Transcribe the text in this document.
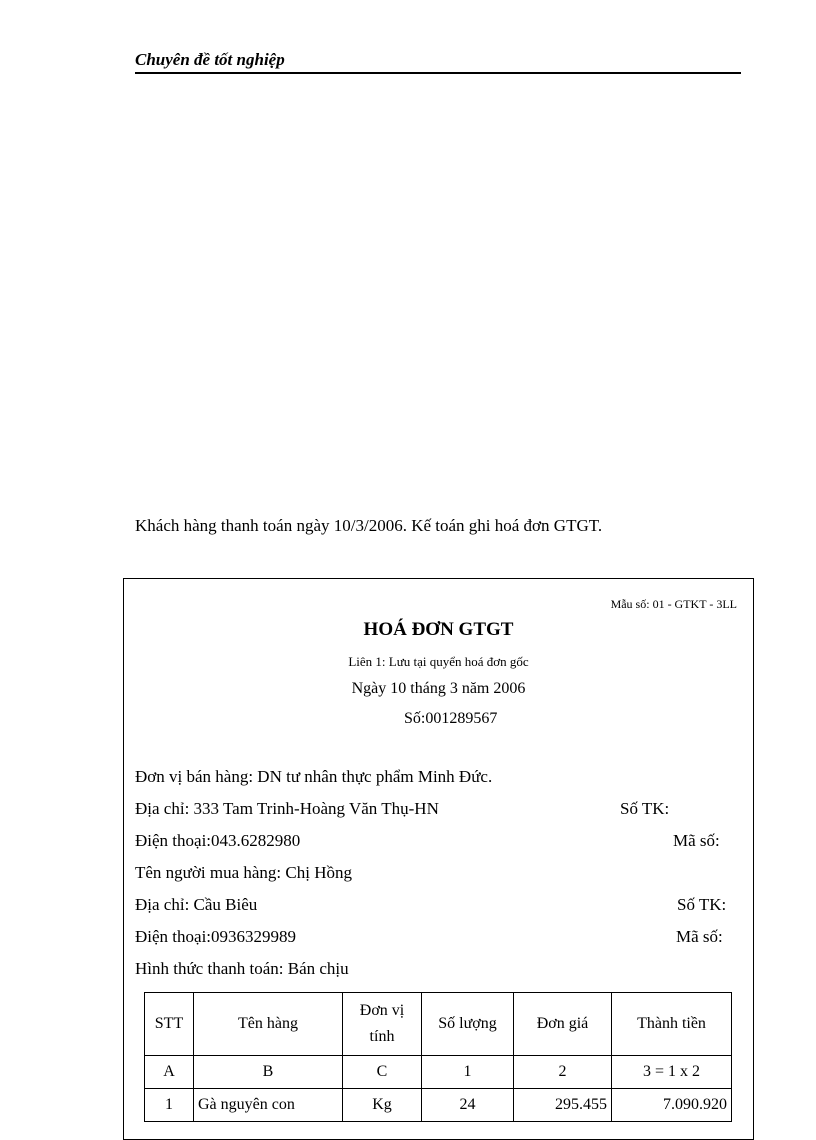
Chuyên đề tốt nghiệp
Khách hàng thanh toán ngày 10/3/2006. Kế toán ghi hoá đơn GTGT.
Mẫu số: 01 - GTKT - 3LL
HOÁ ĐƠN GTGT
Liên 1: Lưu tại quyển hoá đơn gốc
Ngày 10 tháng 3 năm 2006
Số:001289567
Đơn vị bán hàng: DN tư nhân thực phẩm Minh Đức.
Địa chỉ: 333 Tam Trinh-Hoàng Văn Thụ-HN	Số TK:
Điện thoại:043.6282980	Mã số:
Tên người mua hàng: Chị Hồng
Địa chỉ: Cầu Biêu	Số TK:
Điện thoại:0936329989	Mã số:
Hình thức thanh toán: Bán chịu
STT	Tên hàng	Đơn vị tính	Số lượng	Đơn giá	Thành tiền
A	B	C	1	2	3 = 1 x 2
1	Gà nguyên con	Kg	24	295.455	7.090.920
